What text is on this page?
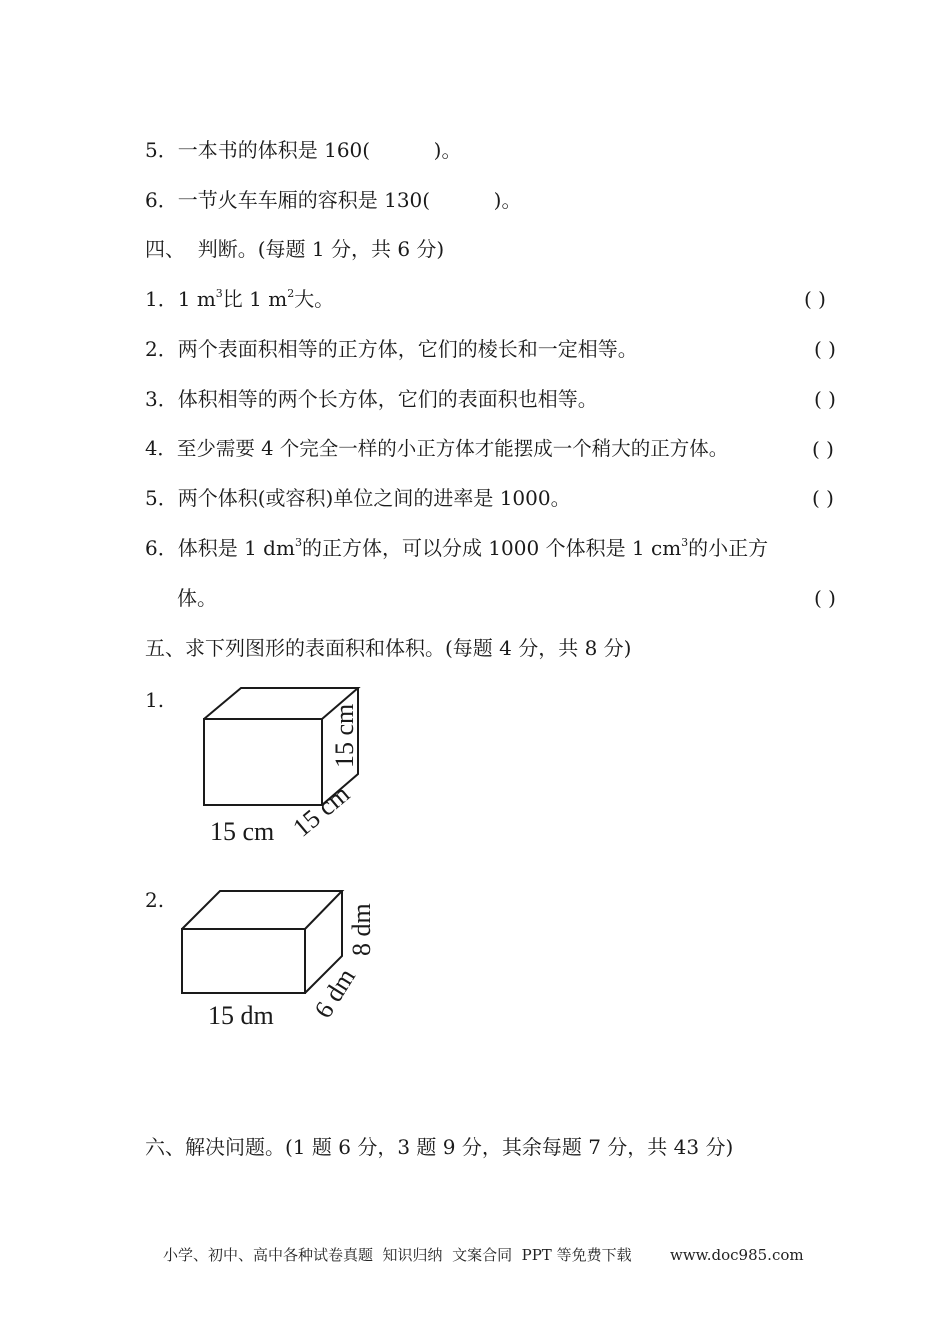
5．一本书的体积是 160(	)。
6．一节火车车厢的容积是 130(	)。
四、  判断。(每题 1 分，共 6 分)
1．1 $m^3$比 1 $m^2$大。	( )
2．两个表面积相等的正方体，它们的棱长和一定相等。	( )
3．体积相等的两个长方体，它们的表面积也相等。	( )
4．至少需要 4 个完全一样的小正方体才能摆成一个稍大的正方体。	( )
5．两个体积(或容积)单位之间的进率是 1000。	( )
6．体积是 1 $dm^3$的正方体，可以分成 1000 个体积是 1 $cm^3$的小正方
体。	( )
五、求下列图形的表面积和体积。(每题 4 分，共 8 分)
1.
15 cm 15 cm
15 cm
2.
15 dm 6 dm
8 dm
六、解决问题。(1 题 6 分，3 题 9 分，其余每题 7 分，共 43 分)
小学、初中、高中各种试卷真题  知识归纳  文案合同  PPT 等免费下载	www.doc985.com
